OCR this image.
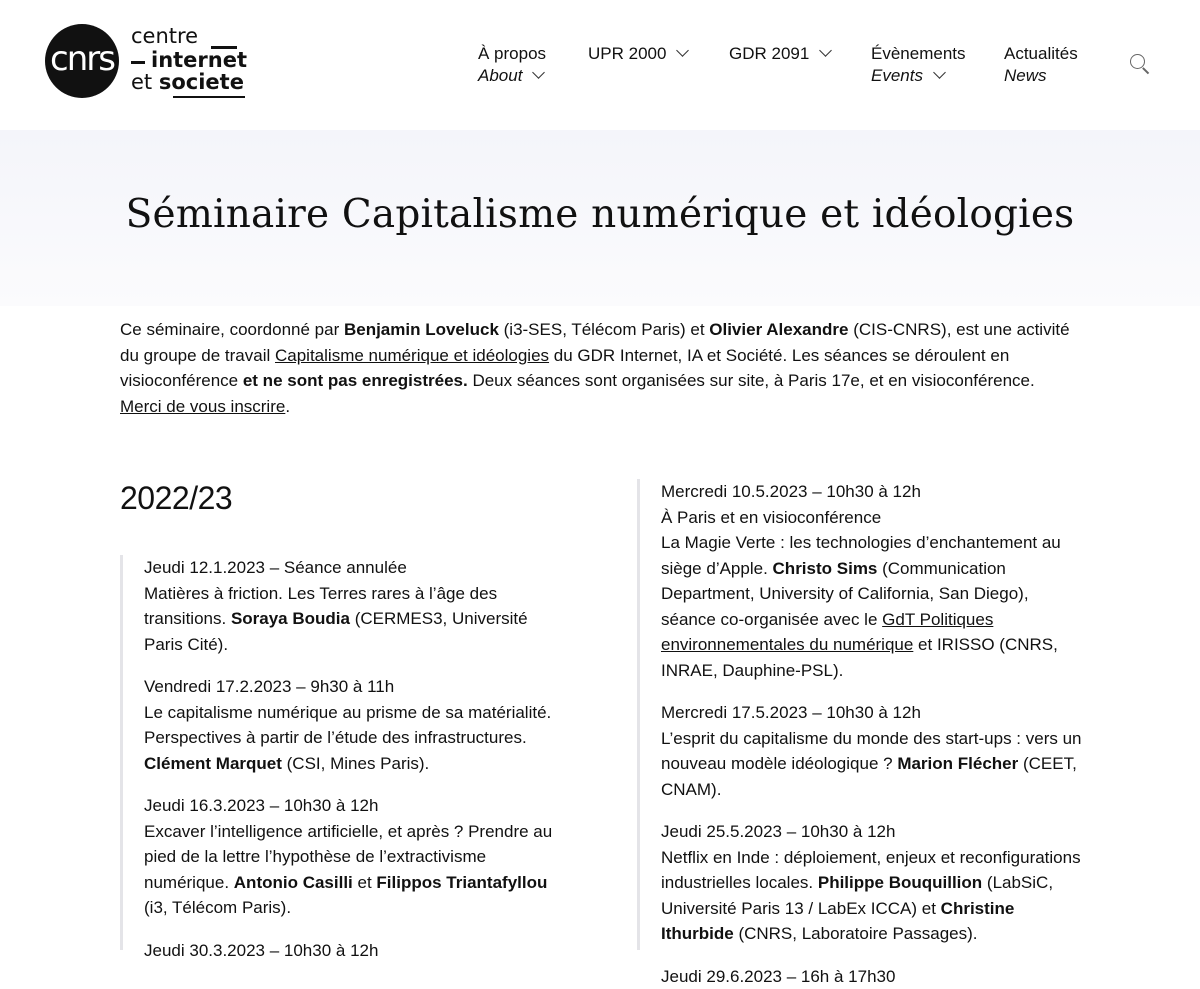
cnrs
centre
internet
et societe
À propos
About
UPR 2000	GDR 2091	Évènements
Events
Actualités
News
Séminaire Capitalisme numérique et idéologies

Ce séminaire, coordonné par Benjamin Loveluck (i3-SES, Télécom Paris) et Olivier Alexandre (CIS-CNRS), est une activité du groupe de travail Capitalisme numérique et idéologies du GDR Internet, IA et Société. Les séances se déroulent en visioconférence et ne sont pas enregistrées. Deux séances sont organisées sur site, à Paris 17e, et en visioconférence. Merci de vous inscrire.

2022/23
Jeudi 12.1.2023 – Séance annulée
Matières à friction. Les Terres rares à l’âge des transitions. Soraya Boudia (CERMES3, Université Paris Cité).
Vendredi 17.2.2023 – 9h30 à 11h
Le capitalisme numérique au prisme de sa matérialité. Perspectives à partir de l’étude des infrastructures. Clément Marquet (CSI, Mines Paris).
Jeudi 16.3.2023 – 10h30 à 12h
Excaver l’intelligence artificielle, et après ? Prendre au pied de la lettre l’hypothèse de l’extractivisme numérique. Antonio Casilli et Filippos Triantafyllou (i3, Télécom Paris).
Jeudi 30.3.2023 – 10h30 à 12h
Mercredi 10.5.2023 – 10h30 à 12h
À Paris et en visioconférence
La Magie Verte : les technologies d’enchantement au siège d’Apple. Christo Sims (Communication Department, University of California, San Diego), séance co-organisée avec le GdT Politiques environnementales du numérique et IRISSO (CNRS, INRAE, Dauphine-PSL).
Mercredi 17.5.2023 – 10h30 à 12h
L’esprit du capitalisme du monde des start-ups : vers un nouveau modèle idéologique ? Marion Flécher (CEET, CNAM).
Jeudi 25.5.2023 – 10h30 à 12h
Netflix en Inde : déploiement, enjeux et reconfigurations industrielles locales. Philippe Bouquillion (LabSiC, Université Paris 13 / LabEx ICCA) et Christine Ithurbide (CNRS, Laboratoire Passages).
Jeudi 29.6.2023 – 16h à 17h30
